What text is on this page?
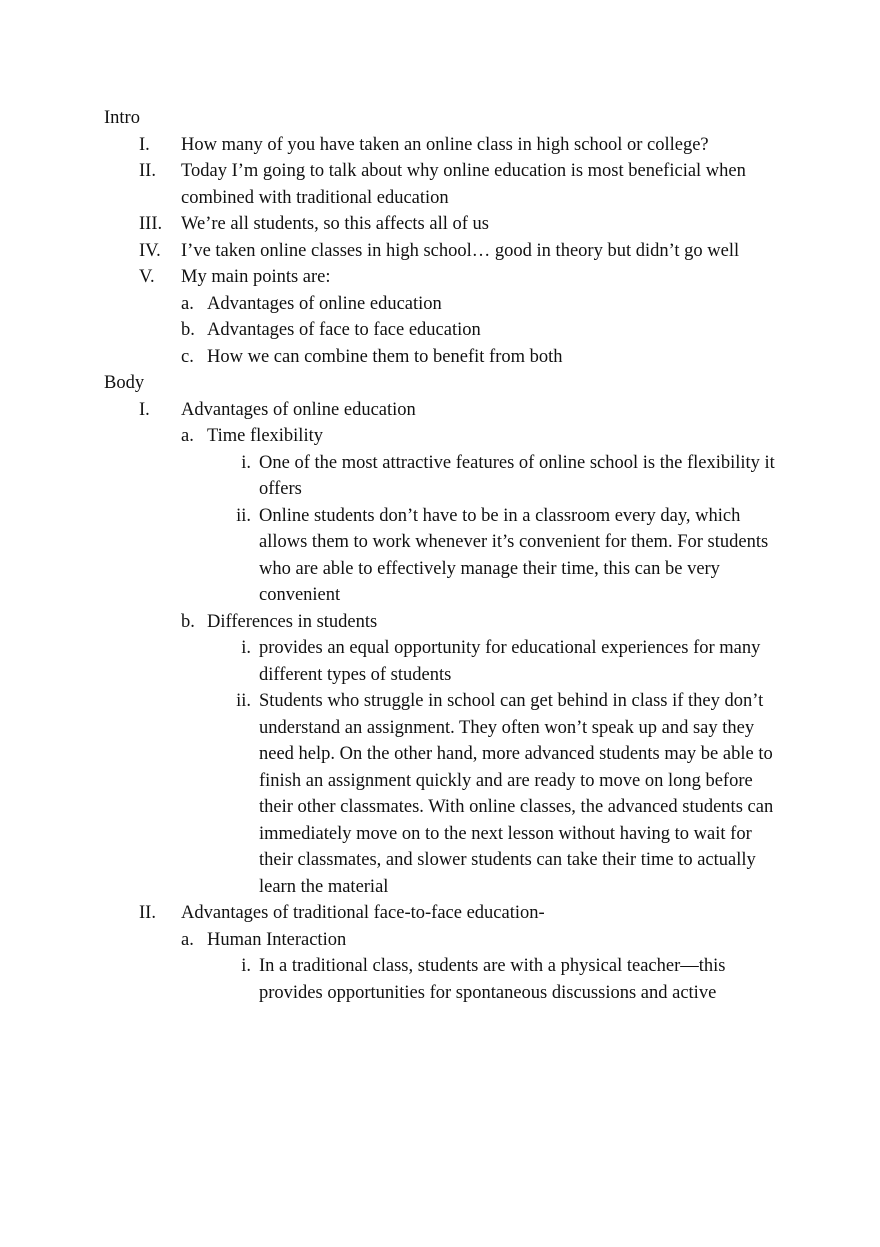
Intro
I.	How many of you have taken an online class in high school or college?
II.	Today I’m going to talk about why online education is most beneficial when combined with traditional education
III.	We’re all students, so this affects all of us
IV.	I’ve taken online classes in high school… good in theory but didn’t go well
V.	My main points are:
a. Advantages of online education
b. Advantages of face to face education
c. How we can combine them to benefit from both
Body
I.	Advantages of online education
a. Time flexibility
i. One of the most attractive features of online school is the flexibility it offers
ii. Online students don’t have to be in a classroom every day, which allows them to work whenever it’s convenient for them. For students who are able to effectively manage their time, this can be very convenient
b. Differences in students
i. provides an equal opportunity for educational experiences for many different types of students
ii. Students who struggle in school can get behind in class if they don’t understand an assignment. They often won’t speak up and say they need help. On the other hand, more advanced students may be able to finish an assignment quickly and are ready to move on long before their other classmates. With online classes, the advanced students can immediately move on to the next lesson without having to wait for their classmates, and slower students can take their time to actually learn the material
II.	Advantages of traditional face-to-face education-
a. Human Interaction
i. In a traditional class, students are with a physical teacher—this provides opportunities for spontaneous discussions and active
